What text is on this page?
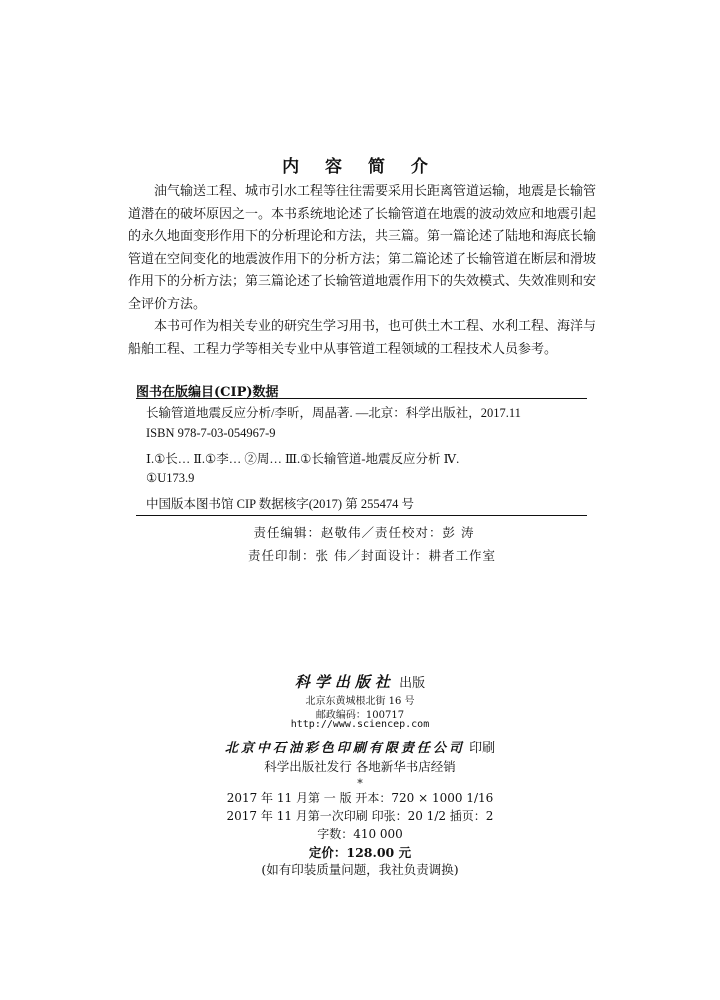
内 容 简 介

油气输送工程、城市引水工程等往往需要采用长距离管道运输，地震是长输管道潜在的破坏原因之一。本书系统地论述了长输管道在地震的波动效应和地震引起的永久地面变形作用下的分析理论和方法，共三篇。第一篇论述了陆地和海底长输管道在空间变化的地震波作用下的分析方法；第二篇论述了长输管道在断层和滑坡作用下的分析方法；第三篇论述了长输管道地震作用下的失效模式、失效准则和安全评价方法。

本书可作为相关专业的研究生学习用书，也可供土木工程、水利工程、海洋与船舶工程、工程力学等相关专业中从事管道工程领域的工程技术人员参考。

图书在版编目(CIP)数据
长输管道地震反应分析/李昕，周晶著. —北京：科学出版社，2017.11
ISBN 978-7-03-054967-9
Ⅰ.①长… Ⅱ.①李… ②周… Ⅲ.①长输管道-地震反应分析 Ⅳ.
①U173.9
中国版本图书馆 CIP 数据核字(2017) 第 255474 号
责任编辑：赵敬伟／责任校对：彭 涛
责任印制：张 伟／封面设计：耕者工作室
科学出版社 出版
北京东黄城根北街 16 号
邮政编码：100717
http://www.sciencep.com
北京中石油彩色印刷有限责任公司 印刷
科学出版社发行 各地新华书店经销
*
2017 年 11 月第 一 版 开本：720 × 1000 1/16
2017 年 11 月第一次印刷 印张：20 1/2 插页：2
字数：410 000
定价：128.00 元
(如有印装质量问题，我社负责调换)
